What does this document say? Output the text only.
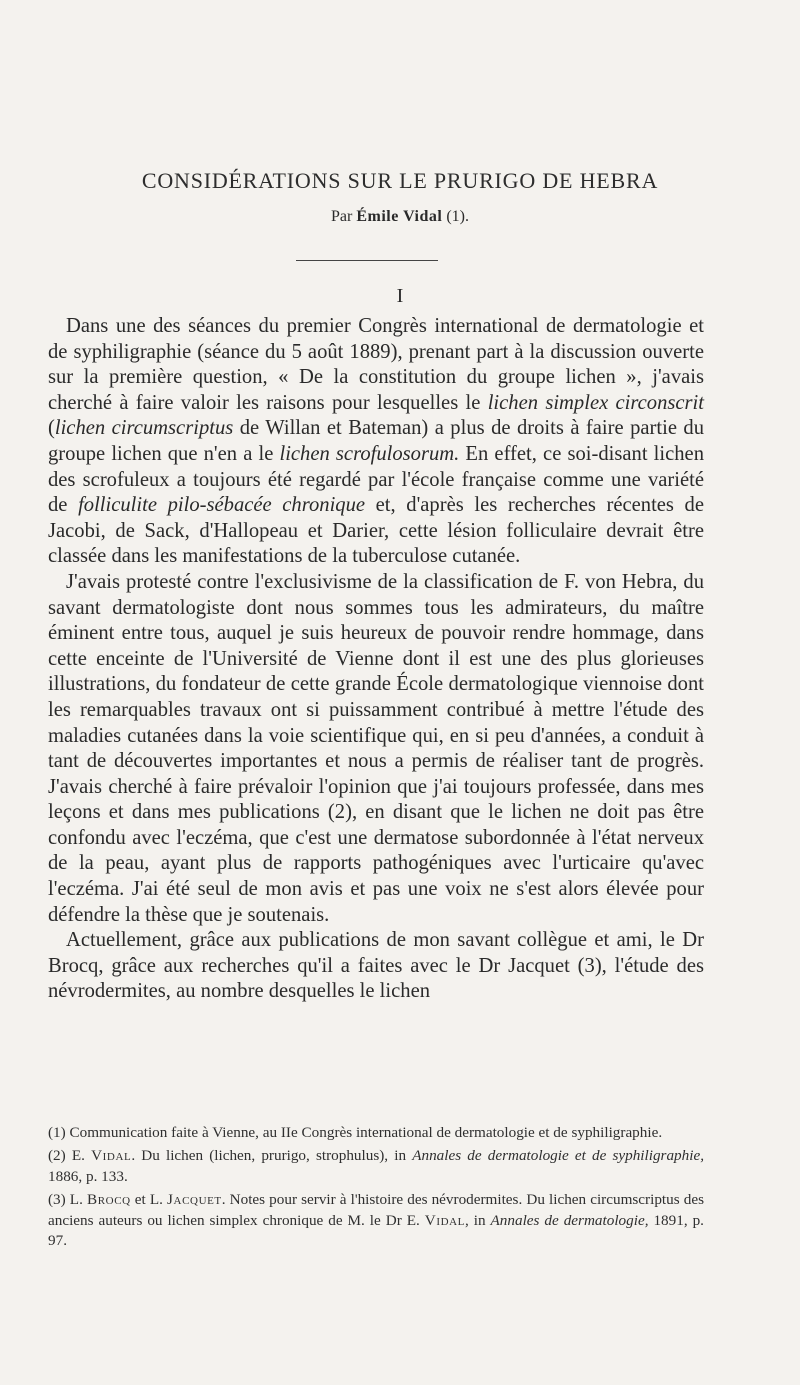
CONSIDÉRATIONS SUR LE PRURIGO DE HEBRA
Par Émile Vidal (1).
I

Dans une des séances du premier Congrès international de dermatologie et de syphiligraphie (séance du 5 août 1889), prenant part à la discussion ouverte sur la première question, « De la constitution du groupe lichen », j'avais cherché à faire valoir les raisons pour lesquelles le lichen simplex circonscrit (lichen circumscriptus de Willan et Bateman) a plus de droits à faire partie du groupe lichen que n'en a le lichen scrofulosorum. En effet, ce soi-disant lichen des scrofuleux a toujours été regardé par l'école française comme une variété de folliculite pilo-sébacée chronique et, d'après les recherches récentes de Jacobi, de Sack, d'Hallopeau et Darier, cette lésion folliculaire devrait être classée dans les manifestations de la tuberculose cutanée.

J'avais protesté contre l'exclusivisme de la classification de F. von Hebra, du savant dermatologiste dont nous sommes tous les admirateurs, du maître éminent entre tous, auquel je suis heureux de pouvoir rendre hommage, dans cette enceinte de l'Université de Vienne dont il est une des plus glorieuses illustrations, du fondateur de cette grande École dermatologique viennoise dont les remarquables travaux ont si puissamment contribué à mettre l'étude des maladies cutanées dans la voie scientifique qui, en si peu d'années, a conduit à tant de découvertes importantes et nous a permis de réaliser tant de progrès. J'avais cherché à faire prévaloir l'opinion que j'ai toujours professée, dans mes leçons et dans mes publications (2), en disant que le lichen ne doit pas être confondu avec l'eczéma, que c'est une dermatose subordonnée à l'état nerveux de la peau, ayant plus de rapports pathogéniques avec l'urticaire qu'avec l'eczéma. J'ai été seul de mon avis et pas une voix ne s'est alors élevée pour défendre la thèse que je soutenais.

Actuellement, grâce aux publications de mon savant collègue et ami, le Dr Brocq, grâce aux recherches qu'il a faites avec le Dr Jacquet (3), l'étude des névrodermites, au nombre desquelles le lichen

(1) Communication faite à Vienne, au IIe Congrès international de dermatologie et de syphiligraphie.

(2) E. Vidal. Du lichen (lichen, prurigo, strophulus), in Annales de dermatologie et de syphiligraphie, 1886, p. 133.

(3) L. Brocq et L. Jacquet. Notes pour servir à l'histoire des névrodermites. Du lichen circumscriptus des anciens auteurs ou lichen simplex chronique de M. le Dr E. Vidal, in Annales de dermatologie, 1891, p. 97.
